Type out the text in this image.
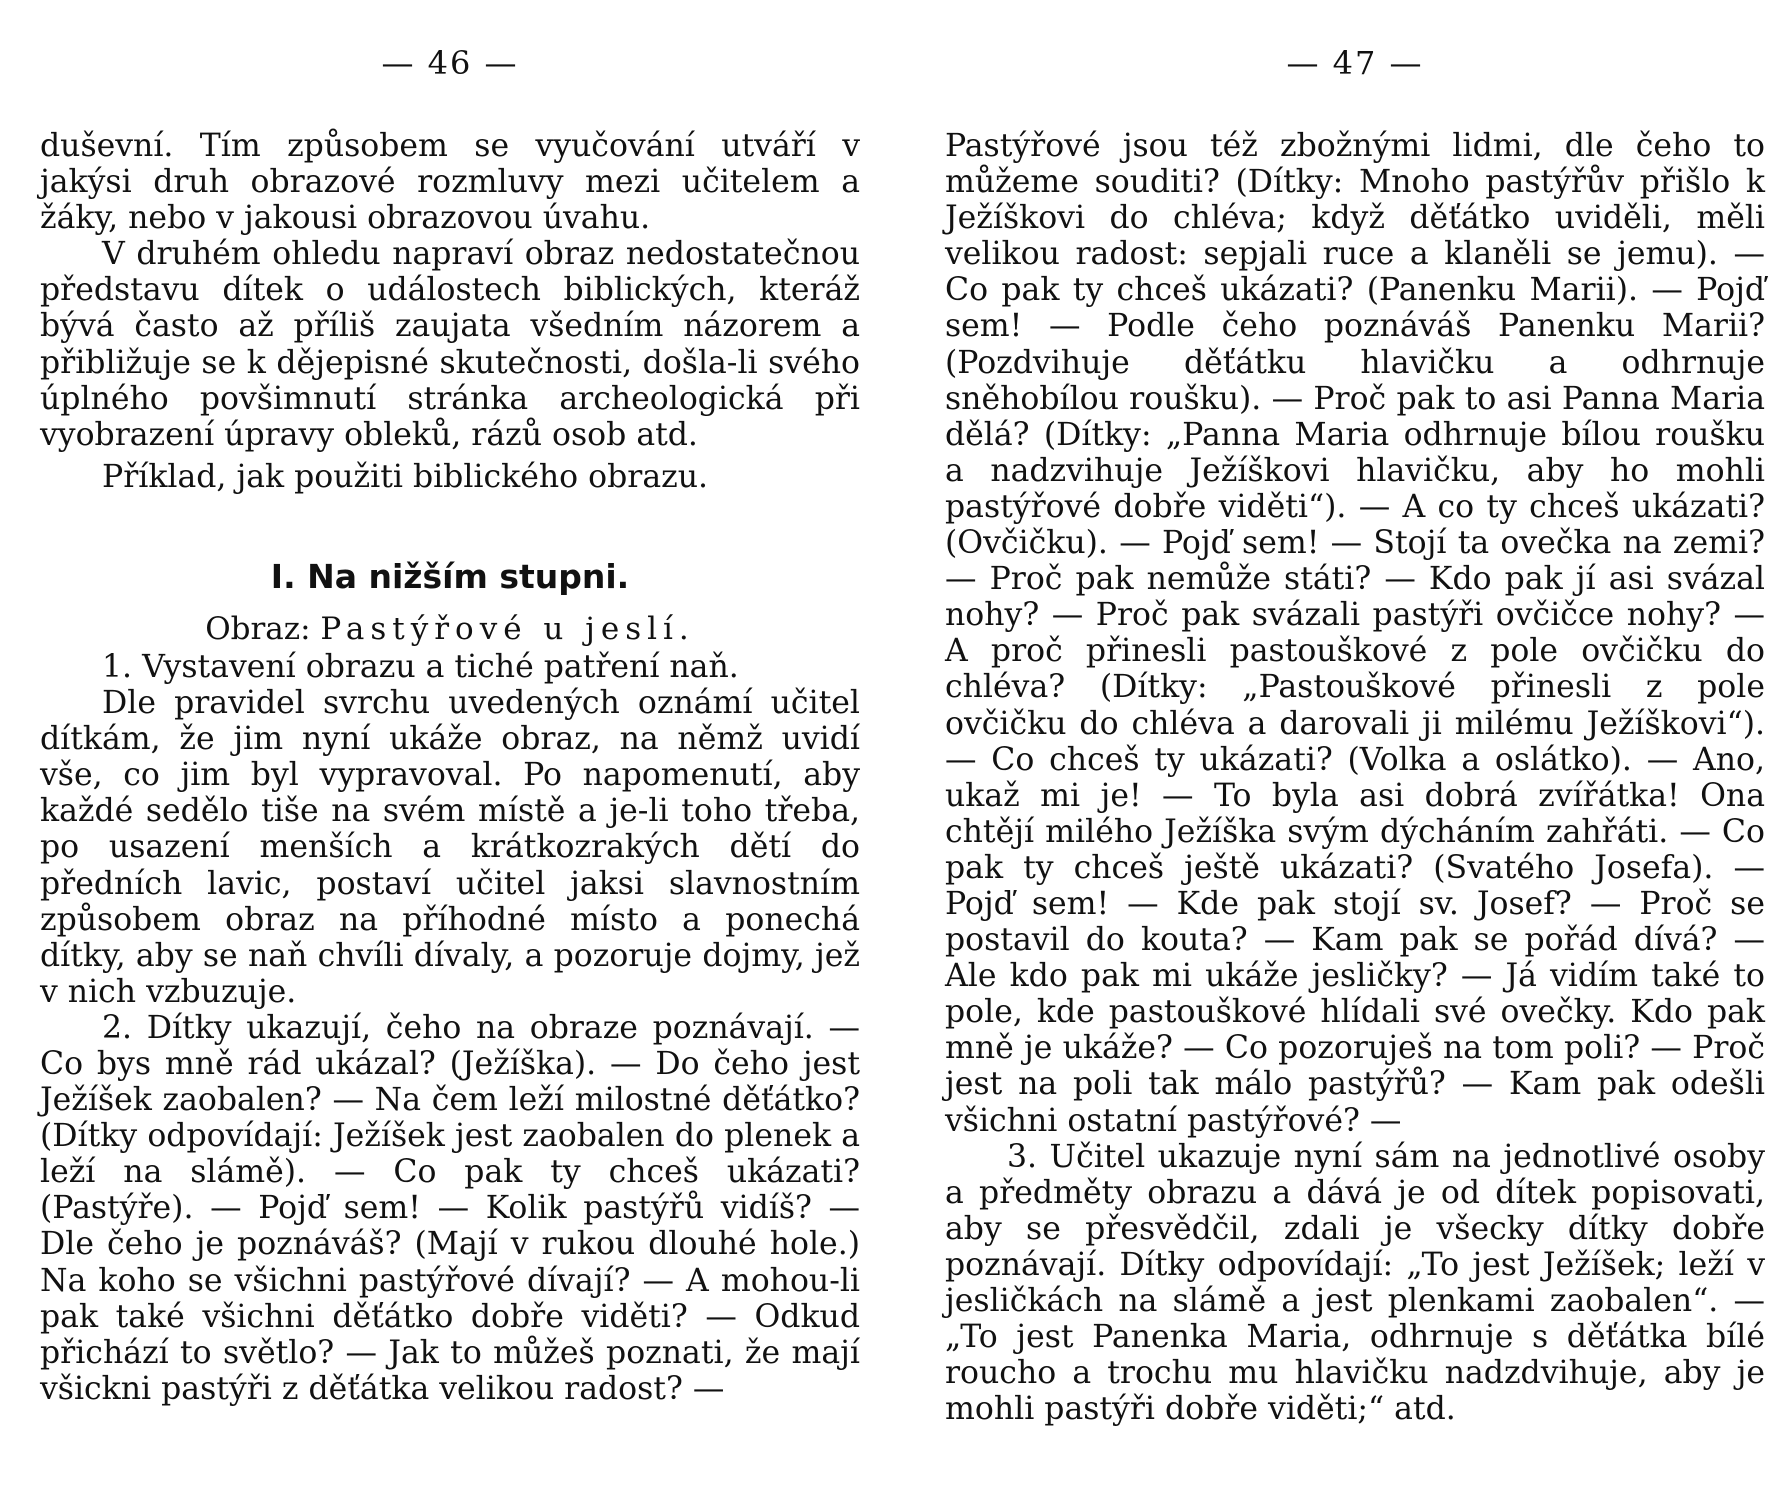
— 46 —

duševní. Tím způsobem se vyučování utváří v jakýsi druh obrazové rozmluvy mezi učitelem a žáky, nebo v jakousi obrazovou úvahu.

V druhém ohledu napraví obraz nedostatečnou představu dítek o událostech biblických, kteráž bývá často až příliš zaujata všedním názorem a přibližuje se k dějepisné skutečnosti, došla-li svého úplného povšimnutí stránka archeologická při vyobrazení úpravy obleků, rázů osob atd.

Příklad, jak použiti biblického obrazu.

I. Na nižším stupni.
Obraz: Pastýřové u jeslí.

1. Vystavení obrazu a tiché patření naň.

Dle pravidel svrchu uvedených oznámí učitel dítkám, že jim nyní ukáže obraz, na němž uvidí vše, co jim byl vypravoval. Po napomenutí, aby každé sedělo tiše na svém místě a je-li toho třeba, po usazení menších a krátkozrakých dětí do předních lavic, postaví učitel jaksi slavnostním způsobem obraz na příhodné místo a ponechá dítky, aby se naň chvíli dívaly, a pozoruje dojmy, jež v nich vzbuzuje.

2. Dítky ukazují, čeho na obraze poznávají. — Co bys mně rád ukázal? (Ježíška). — Do čeho jest Ježíšek zaobalen? — Na čem leží milostné děťátko? (Dítky odpovídají: Ježíšek jest zaobalen do plenek a leží na slámě). — Co pak ty chceš ukázati? (Pastýře). — Pojď sem! — Kolik pastýřů vidíš? — Dle čeho je poznáváš? (Mají v rukou dlouhé hole.) Na koho se všichni pastýřové dívají? — A mohou-li pak také všichni děťátko dobře viděti? — Odkud přichází to světlo? — Jak to můžeš poznati, že mají všickni pastýři z děťátka velikou radost? —

— 47 —

Pastýřové jsou též zbožnými lidmi, dle čeho to můžeme souditi? (Dítky: Mnoho pastýřův přišlo k Ježíškovi do chléva; když děťátko uviděli, měli velikou radost: sepjali ruce a klaněli se jemu). — Co pak ty chceš ukázati? (Panenku Marii). — Pojď sem! — Podle čeho poznáváš Panenku Marii? (Pozdvihuje děťátku hlavičku a odhrnuje sněhobílou roušku). — Proč pak to asi Panna Maria dělá? (Dítky: „Panna Maria odhrnuje bílou roušku a nadzvihuje Ježíškovi hlavičku, aby ho mohli pastýřové dobře viděti“). — A co ty chceš ukázati? (Ovčičku). — Pojď sem! — Stojí ta ovečka na zemi? — Proč pak nemůže státi? — Kdo pak jí asi svázal nohy? — Proč pak svázali pastýři ovčičce nohy? — A proč přinesli pastouškové z pole ovčičku do chléva? (Dítky: „Pastouškové přinesli z pole ovčičku do chléva a darovali ji milému Ježíškovi“). — Co chceš ty ukázati? (Volka a oslátko). — Ano, ukaž mi je! — To byla asi dobrá zvířátka! Ona chtějí milého Ježíška svým dýcháním zahřáti. — Co pak ty chceš ještě ukázati? (Svatého Josefa). — Pojď sem! — Kde pak stojí sv. Josef? — Proč se postavil do kouta? — Kam pak se pořád dívá? — Ale kdo pak mi ukáže jesličky? — Já vidím také to pole, kde pastouškové hlídali své ovečky. Kdo pak mně je ukáže? — Co pozoruješ na tom poli? — Proč jest na poli tak málo pastýřů? — Kam pak odešli všichni ostatní pastýřové? —

3. Učitel ukazuje nyní sám na jednotlivé osoby a předměty obrazu a dává je od dítek popisovati, aby se přesvědčil, zdali je všecky dítky dobře poznávají. Dítky odpovídají: „To jest Ježíšek; leží v jesličkách na slámě a jest plenkami zaobalen“. — „To jest Panenka Maria, odhrnuje s děťátka bílé roucho a trochu mu hlavičku nadzdvihuje, aby je mohli pastýři dobře viděti;“ atd.
